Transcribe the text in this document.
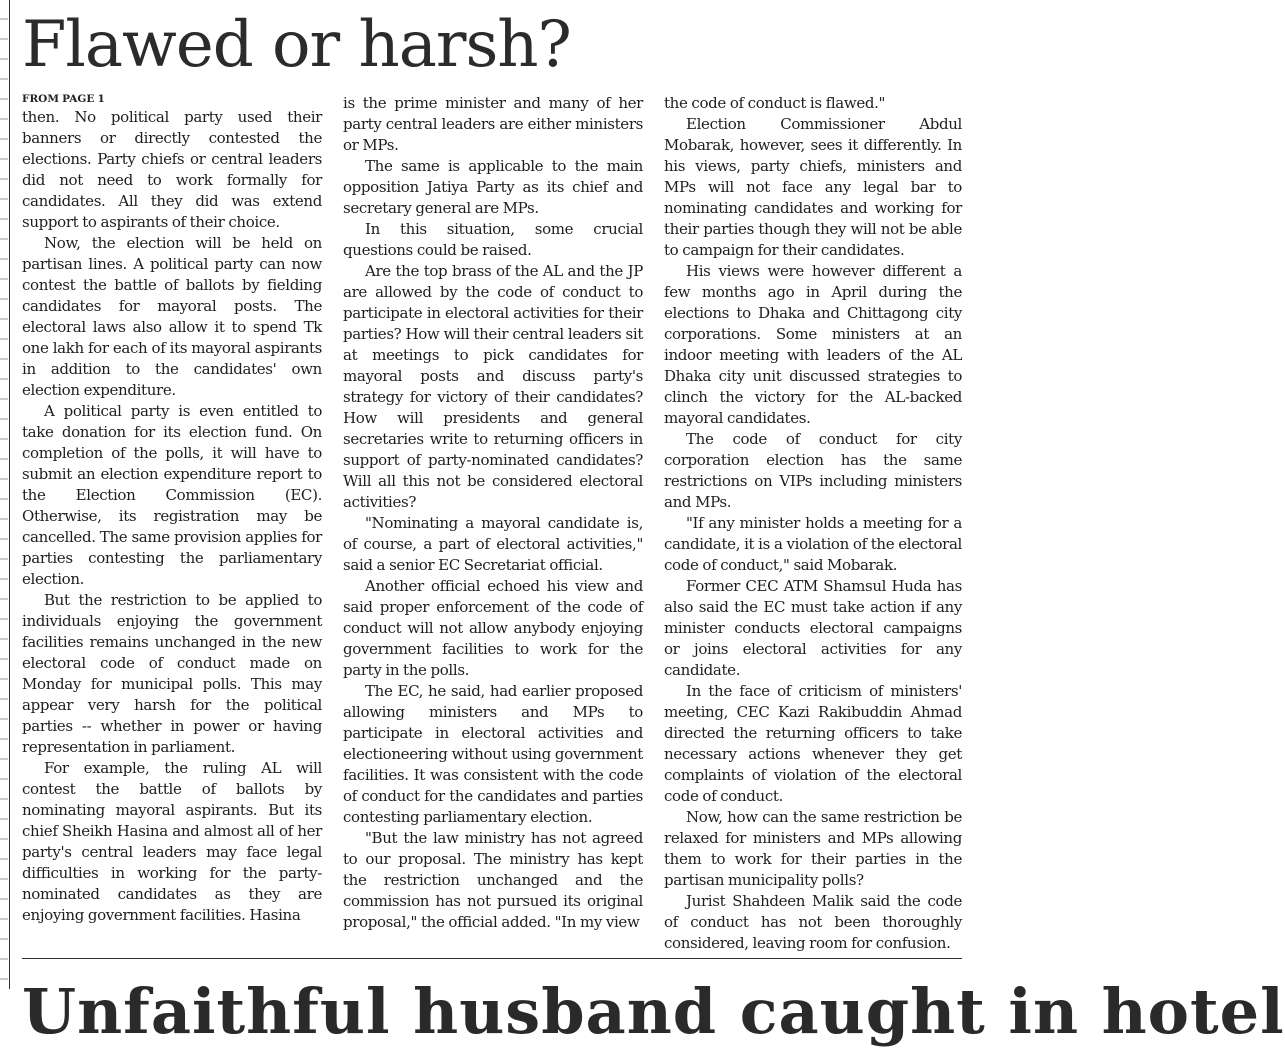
Flawed or harsh?
FROM PAGE 1

then. No political party used their banners or directly contested the elections. Party chiefs or central leaders did not need to work formally for candidates. All they did was extend support to aspirants of their choice.

Now, the election will be held on partisan lines. A political party can now contest the battle of ballots by fielding candidates for mayoral posts. The electoral laws also allow it to spend Tk one lakh for each of its mayoral aspirants in addition to the candidates' own election expenditure.

A political party is even entitled to take donation for its election fund. On completion of the polls, it will have to submit an election expenditure report to the Election Commission (EC). Otherwise, its registration may be cancelled. The same provision applies for parties contesting the parliamentary election.

But the restriction to be applied to individuals enjoying the government facilities remains unchanged in the new electoral code of conduct made on Monday for municipal polls. This may appear very harsh for the political parties -- whether in power or having representation in parliament.

For example, the ruling AL will contest the battle of ballots by nominating mayoral aspirants. But its chief Sheikh Hasina and almost all of her party's central leaders may face legal difficulties in working for the party-nominated candidates as they are enjoying government facilities. Hasina

is the prime minister and many of her party central leaders are either ministers or MPs.

The same is applicable to the main opposition Jatiya Party as its chief and secretary general are MPs.

In this situation, some crucial questions could be raised.

Are the top brass of the AL and the JP are allowed by the code of conduct to participate in electoral activities for their parties? How will their central leaders sit at meetings to pick candidates for mayoral posts and discuss party's strategy for victory of their candidates? How will presidents and general secretaries write to returning officers in support of party-nominated candidates? Will all this not be considered electoral activities?

"Nominating a mayoral candidate is, of course, a part of electoral activities," said a senior EC Secretariat official.

Another official echoed his view and said proper enforcement of the code of conduct will not allow anybody enjoying government facilities to work for the party in the polls.

The EC, he said, had earlier proposed allowing ministers and MPs to participate in electoral activities and electioneering without using government facilities. It was consistent with the code of conduct for the candidates and parties contesting parliamentary election.

"But the law ministry has not agreed to our proposal. The ministry has kept the restriction unchanged and the commission has not pursued its original proposal," the official added. "In my view

the code of conduct is flawed."

Election Commissioner Abdul Mobarak, however, sees it differently. In his views, party chiefs, ministers and MPs will not face any legal bar to nominating candidates and working for their parties though they will not be able to campaign for their candidates.

His views were however different a few months ago in April during the elections to Dhaka and Chittagong city corporations. Some ministers at an indoor meeting with leaders of the AL Dhaka city unit discussed strategies to clinch the victory for the AL-backed mayoral candidates.

The code of conduct for city corporation election has the same restrictions on VIPs including ministers and MPs.

"If any minister holds a meeting for a candidate, it is a violation of the electoral code of conduct," said Mobarak.

Former CEC ATM Shamsul Huda has also said the EC must take action if any minister conducts electoral campaigns or joins electoral activities for any candidate.

In the face of criticism of ministers' meeting, CEC Kazi Rakibuddin Ahmad directed the returning officers to take necessary actions whenever they get complaints of violation of the electoral code of conduct.

Now, how can the same restriction be relaxed for ministers and MPs allowing them to work for their parties in the partisan municipality polls?

Jurist Shahdeen Malik said the code of conduct has not been thoroughly considered, leaving room for confusion.

Unfaithful husband caught in hotel
